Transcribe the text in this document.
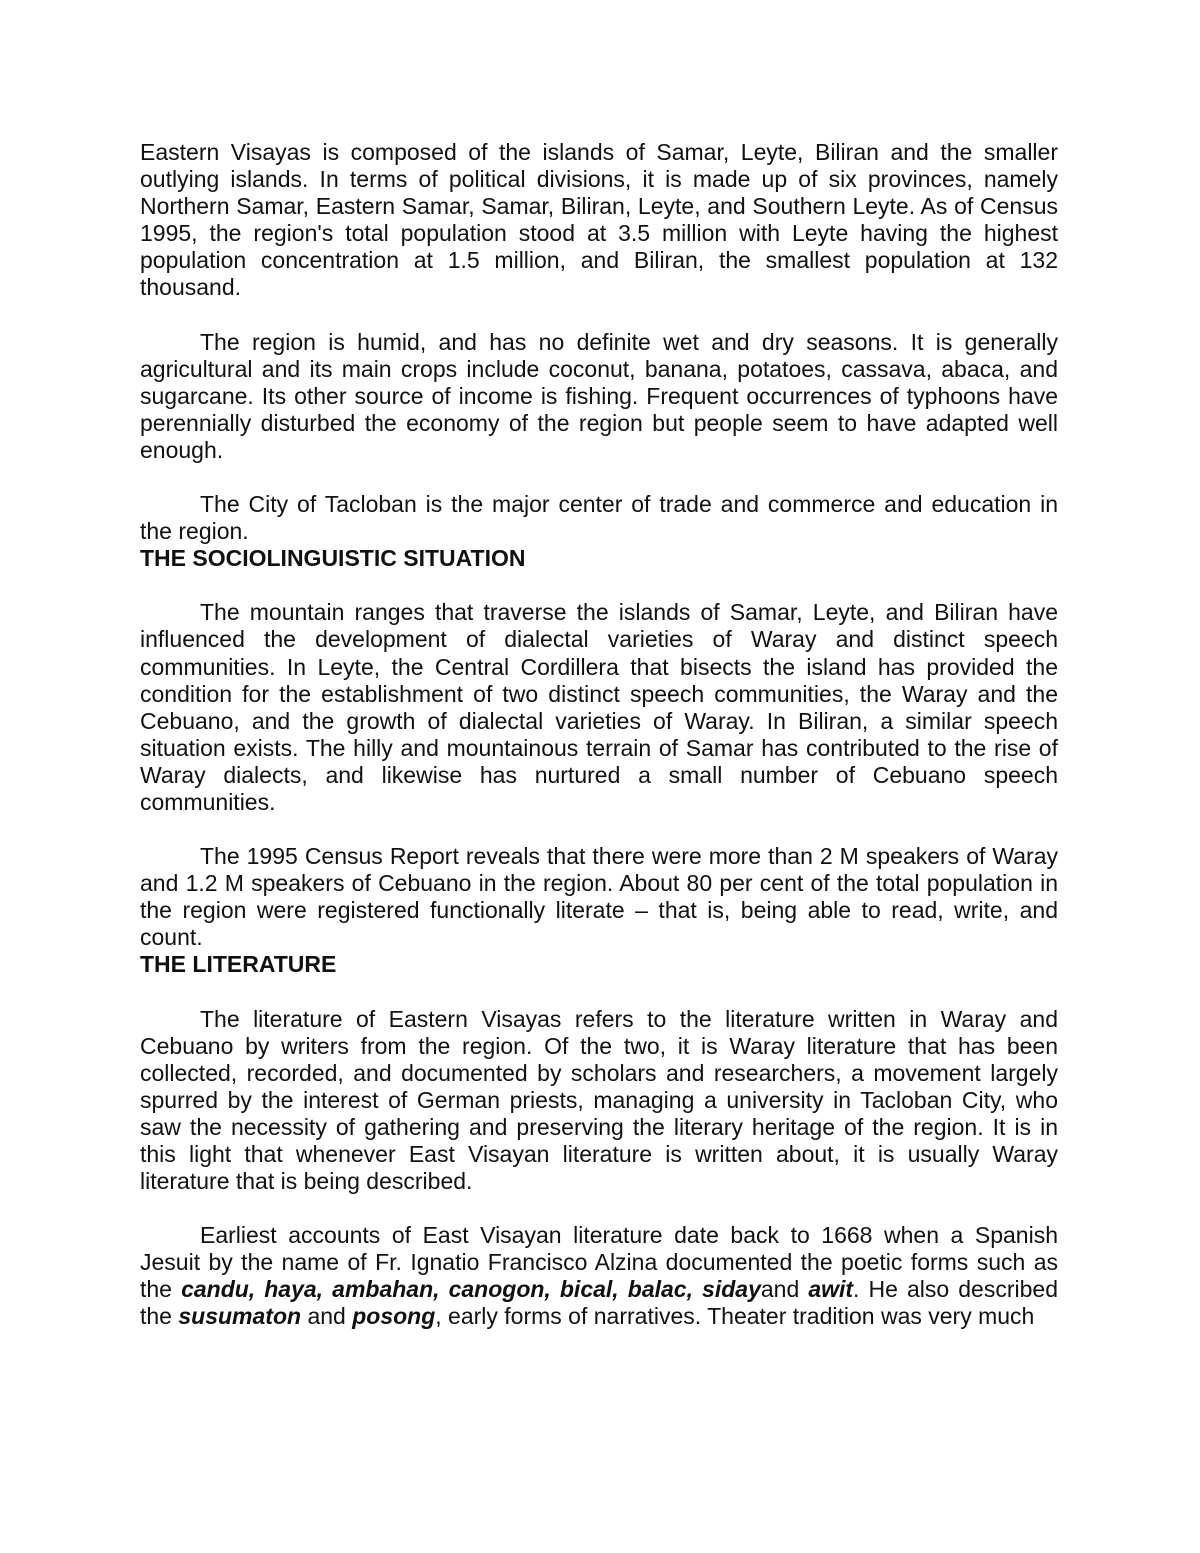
Eastern Visayas is composed of the islands of Samar, Leyte, Biliran and the smaller outlying islands. In terms of political divisions, it is made up of six provinces, namely Northern Samar, Eastern Samar, Samar, Biliran, Leyte, and Southern Leyte. As of Census 1995, the region's total population stood at 3.5 million with Leyte having the highest population concentration at 1.5 million, and Biliran, the smallest population at 132 thousand.

The region is humid, and has no definite wet and dry seasons. It is generally agricultural and its main crops include coconut, banana, potatoes, cassava, abaca, and sugarcane. Its other source of income is fishing. Frequent occurrences of typhoons have perennially disturbed the economy of the region but people seem to have adapted well enough.

The City of Tacloban is the major center of trade and commerce and education in the region.

THE SOCIOLINGUISTIC SITUATION

The mountain ranges that traverse the islands of Samar, Leyte, and Biliran have influenced the development of dialectal varieties of Waray and distinct speech communities. In Leyte, the Central Cordillera that bisects the island has provided the condition for the establishment of two distinct speech communities, the Waray and the Cebuano, and the growth of dialectal varieties of Waray. In Biliran, a similar speech situation exists. The hilly and mountainous terrain of Samar has contributed to the rise of Waray dialects, and likewise has nurtured a small number of Cebuano speech communities.

The 1995 Census Report reveals that there were more than 2 M speakers of Waray and 1.2 M speakers of Cebuano in the region. About 80 per cent of the total population in the region were registered functionally literate – that is, being able to read, write, and count.

THE LITERATURE

The literature of Eastern Visayas refers to the literature written in Waray and Cebuano by writers from the region. Of the two, it is Waray literature that has been collected, recorded, and documented by scholars and researchers, a movement largely spurred by the interest of German priests, managing a university in Tacloban City, who saw the necessity of gathering and preserving the literary heritage of the region. It is in this light that whenever East Visayan literature is written about, it is usually Waray literature that is being described.

Earliest accounts of East Visayan literature date back to 1668 when a Spanish Jesuit by the name of Fr. Ignatio Francisco Alzina documented the poetic forms such as the candu, haya, ambahan, canogon, bical, balac, sidayand awit. He also described the susumaton and posong, early forms of narratives. Theater tradition was very much
